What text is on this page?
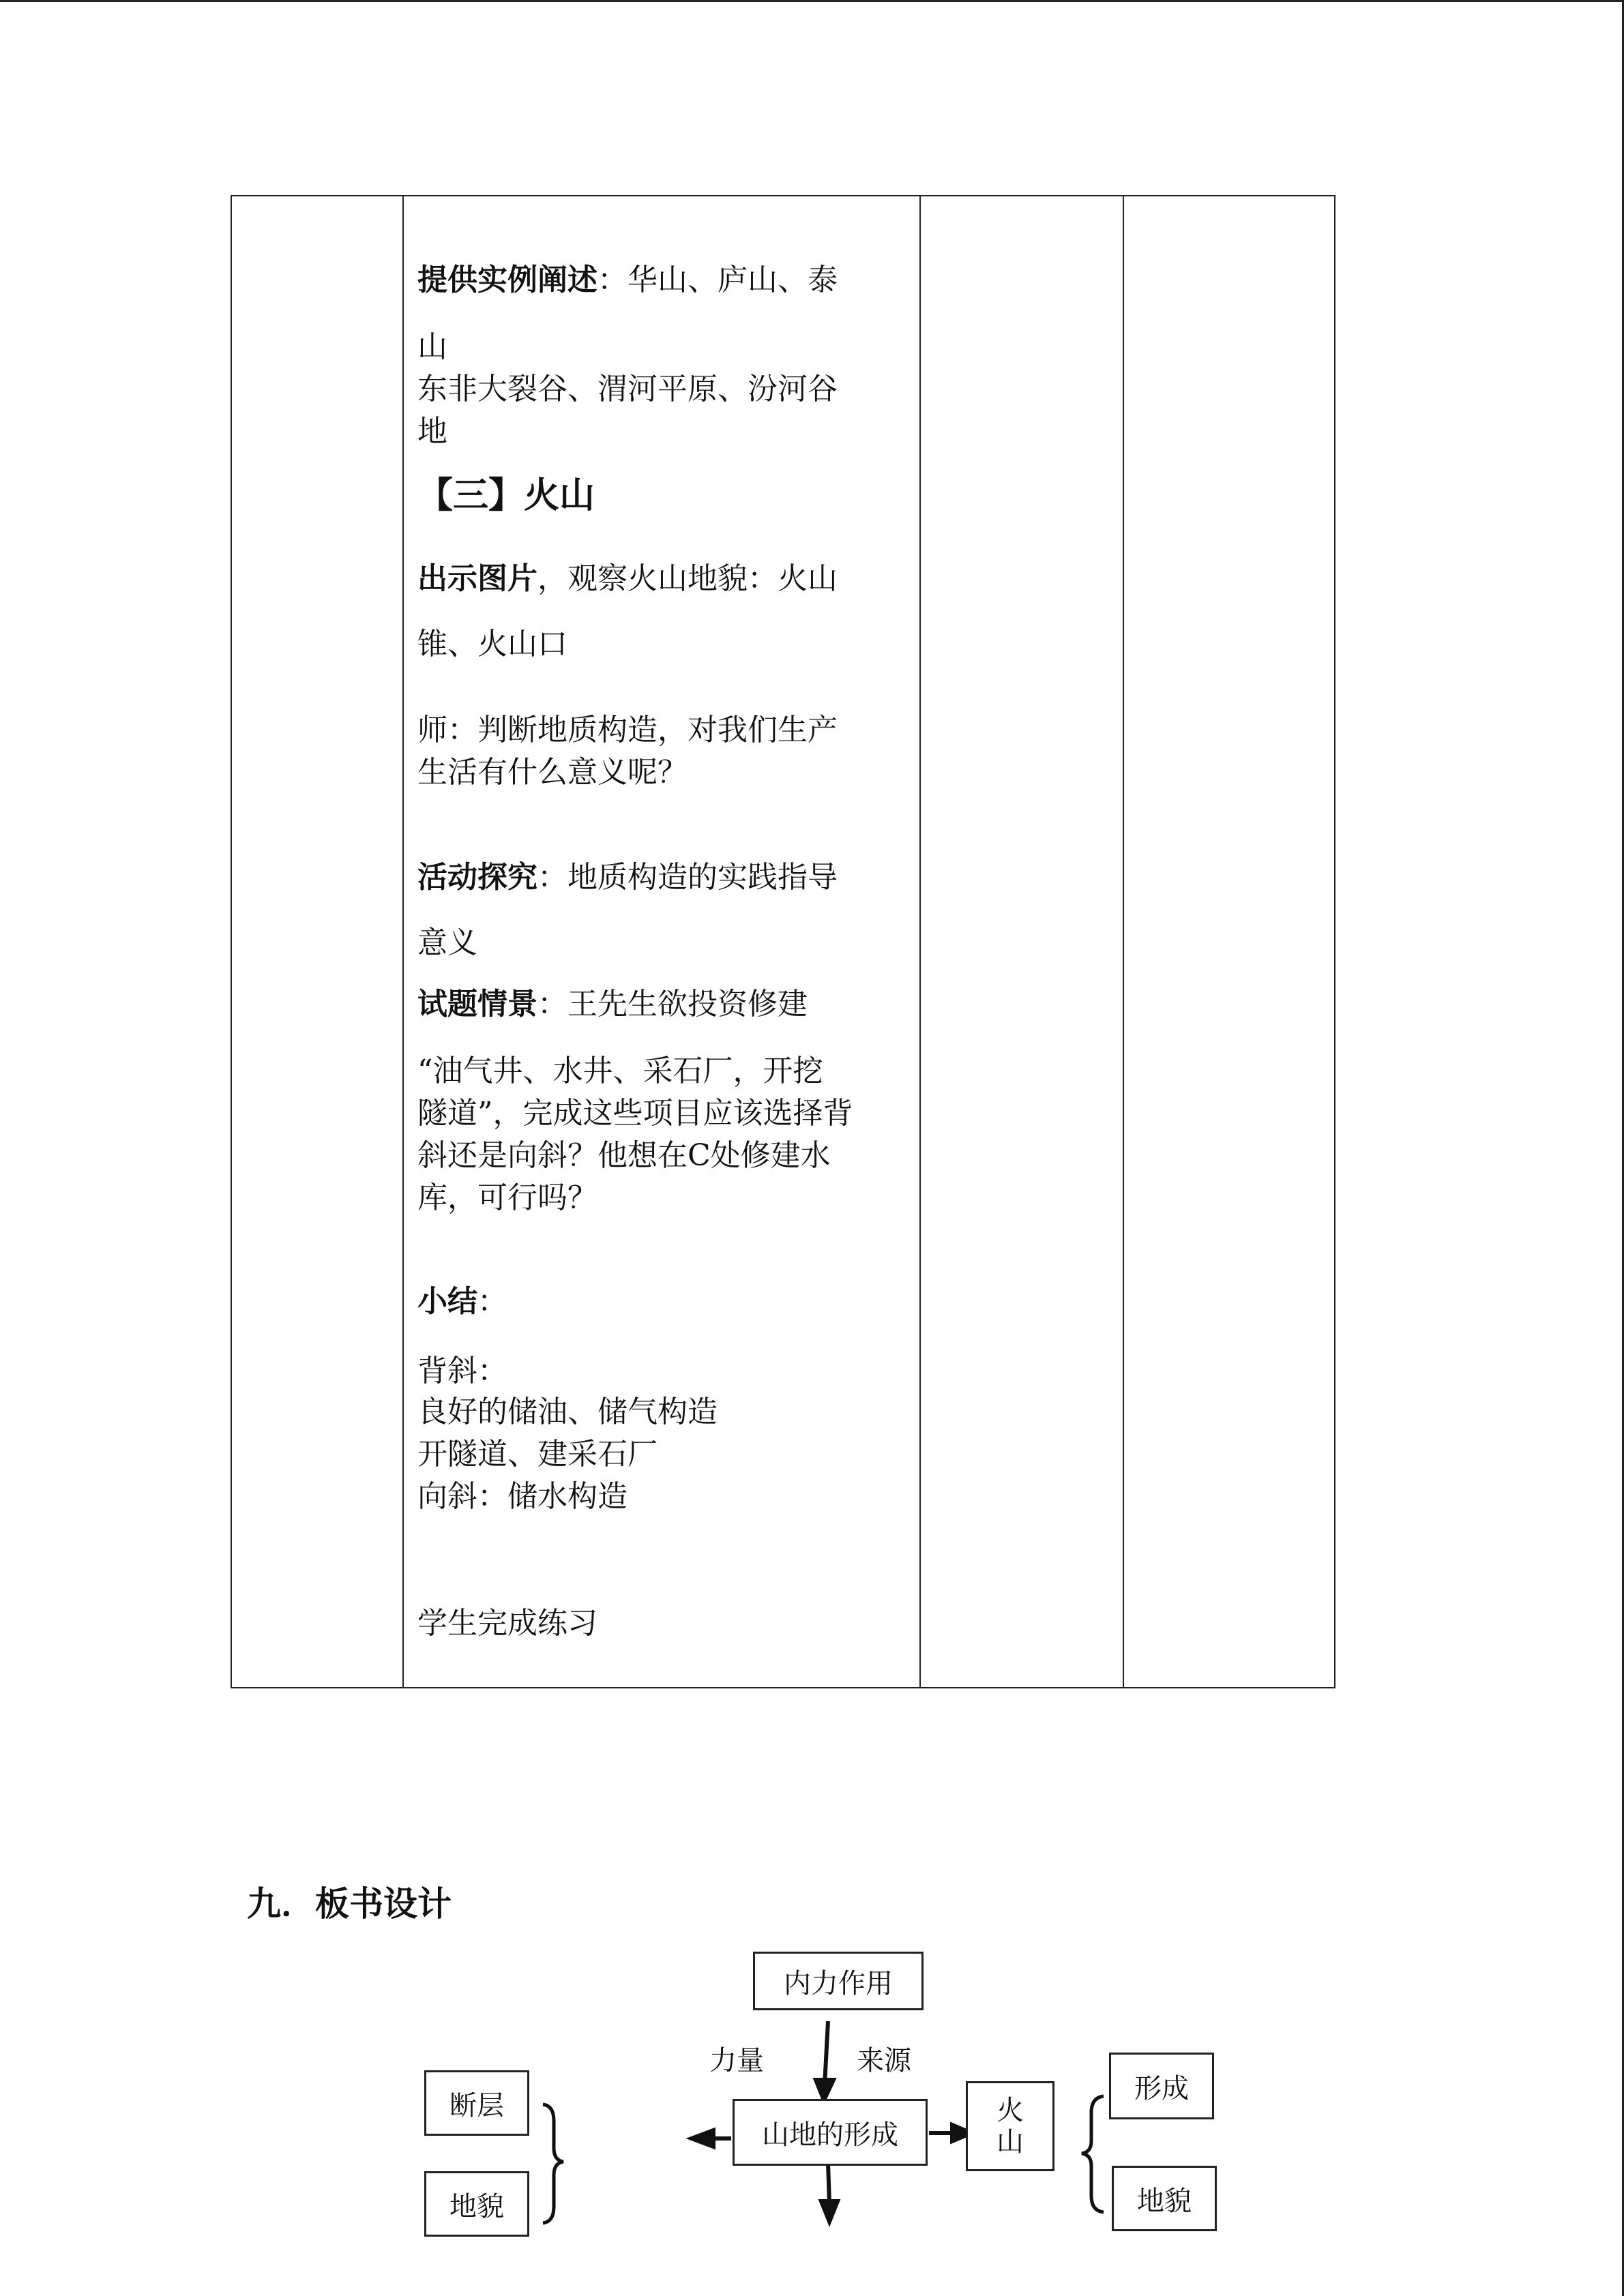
提供实例阐述：华山、庐山、泰

山

东非大裂谷、渭河平原、汾河谷

地

【三】火山

出示图片，观察火山地貌：火山

锥、火山口

师：判断地质构造，对我们生产

生活有什么意义呢？

活动探究：地质构造的实践指导

意义

试题情景：王先生欲投资修建

“油气井、水井、采石厂，开挖

隧道”，完成这些项目应该选择背

斜还是向斜？他想在C处修建水

库，可行吗？

小结：

背斜：

良好的储油、储气构造

开隧道、建采石厂

向斜：储水构造

学生完成练习

九．板书设计
内力作用
力量	来源
山地的形成
火
山
断层
地貌
形成
地貌
